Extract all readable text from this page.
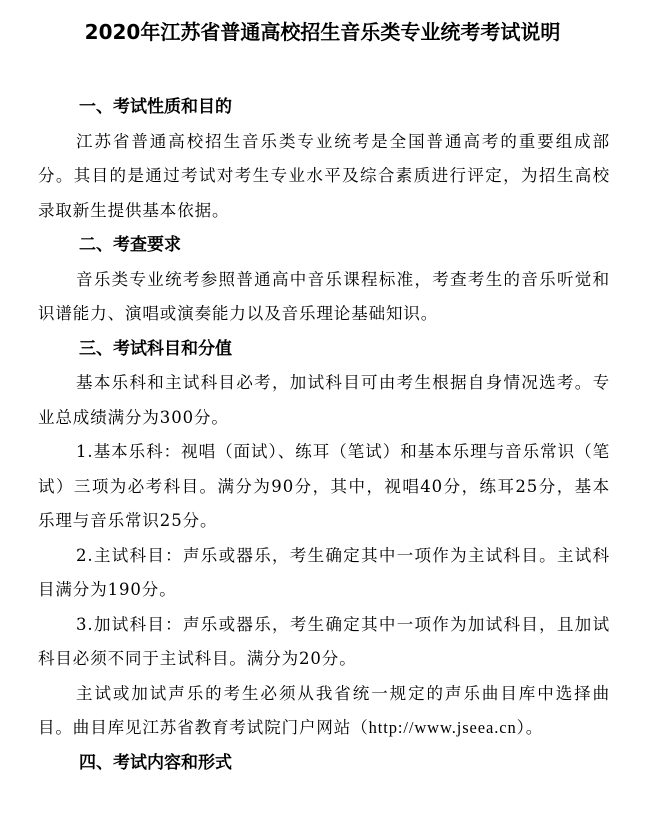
2020年江苏省普通高校招生音乐类专业统考考试说明

一、考试性质和目的

江苏省普通高校招生音乐类专业统考是全国普通高考的重要组成部分。其目的是通过考试对考生专业水平及综合素质进行评定，为招生高校录取新生提供基本依据。

二、考查要求

音乐类专业统考参照普通高中音乐课程标准，考查考生的音乐听觉和识谱能力、演唱或演奏能力以及音乐理论基础知识。

三、考试科目和分值

基本乐科和主试科目必考，加试科目可由考生根据自身情况选考。专业总成绩满分为300分。

1.基本乐科：视唱（面试）、练耳（笔试）和基本乐理与音乐常识（笔试）三项为必考科目。满分为90分，其中，视唱40分，练耳25分，基本乐理与音乐常识25分。

2.主试科目：声乐或器乐，考生确定其中一项作为主试科目。主试科目满分为190分。

3.加试科目：声乐或器乐，考生确定其中一项作为加试科目，且加试科目必须不同于主试科目。满分为20分。

主试或加试声乐的考生必须从我省统一规定的声乐曲目库中选择曲目。曲目库见江苏省教育考试院门户网站（http://www.jseea.cn）。

四、考试内容和形式
